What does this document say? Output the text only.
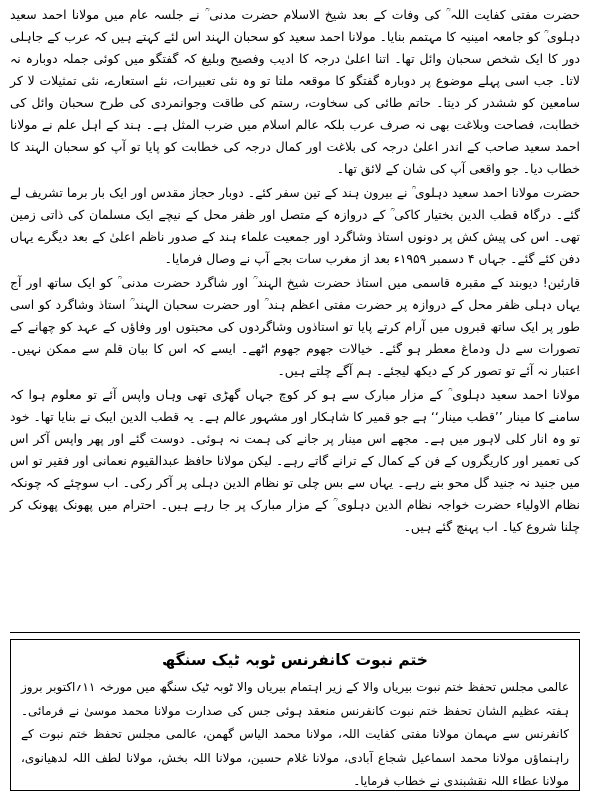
حضرت مفتی کفایت اللہ ؒ کی وفات کے بعد شیخ الاسلام حضرت مدنی ؒ نے جلسہ عام میں مولانا احمد سعید دہلوی ؒ کو جامعہ امینیہ کا مہتمم بنایا۔ مولانا احمد سعید کو سحبان الہند اس لئے کہتے ہیں کہ عرب کے جاہلی دور کا ایک شخص سحبان وائل تھا۔ اتنا اعلیٰ درجہ کا ادیب وفصیح وبلیغ کہ گفتگو میں کوئی جملہ دوبارہ نہ لاتا۔ جب اسی پہلے موضوع پر دوبارہ گفتگو کا موقعہ ملتا تو وہ نئی تعبیرات، نئے استعارے، نئی تمثیلات لا کر سامعین کو ششدر کر دیتا۔ حاتم طائی کی سخاوت، رستم کی طاقت وجوانمردی کی طرح سحبان وائل کی خطابت، فصاحت وبلاغت بھی نہ صرف عرب بلکہ عالم اسلام میں ضرب المثل ہے۔ ہند کے اہل علم نے مولانا احمد سعید صاحب کے اندر اعلیٰ درجہ کی بلاغت اور کمال درجہ کی خطابت کو پایا تو آپ کو سحبان الہند کا خطاب دیا۔ جو واقعی آپ کی شان کے لائق تھا۔

حضرت مولانا احمد سعید دہلوی ؒ نے بیرون ہند کے تین سفر کئے۔ دوبار حجاز مقدس اور ایک بار برما تشریف لے گئے۔ درگاہ قطب الدین بختیار کاکی ؒ کے دروازہ کے متصل اور ظفر محل کے نیچے ایک مسلمان کی ذاتی زمین تھی۔ اس کی پیش کش پر دونوں استاذ وشاگرد اور جمعیت علماء ہند کے صدور ناظم اعلیٰ کے بعد دیگرے یہاں دفن کئے گئے۔ جہاں ۴ دسمبر ۱۹۵۹ء بعد از مغرب سات بجے آپ نے وصال فرمایا۔

قارئین! دیوبند کے مقبرہ قاسمی میں استاذ حضرت شیخ الہند ؒ اور شاگرد حضرت مدنی ؒ کو ایک ساتھ اور آج یہاں دہلی ظفر محل کے دروازہ پر حضرت مفتی اعظم ہند ؒ اور حضرت سحبان الہند ؒ استاذ وشاگرد کو اسی طور پر ایک ساتھ قبروں میں آرام کرتے پایا تو استاذوں وشاگردوں کی محبتوں اور وفاؤں کے عہد کو چھانے کے تصورات سے دل ودماغ معطر ہو گئے۔ خیالات جھوم جھوم اٹھے۔ ایسے کہ اس کا بیان قلم سے ممکن نہیں۔ اعتبار نہ آئے تو تصور کر کے دیکھ لیجئے۔ ہم آگے چلتے ہیں۔

مولانا احمد سعید دہلوی ؒ کے مزار مبارک سے ہو کر کوچ جہاں گھڑی تھی وہاں واپس آئے تو معلوم ہوا کہ سامنے کا مینار ’’قطب مینار‘‘ ہے جو قمیر کا شاہکار اور مشہور عالم ہے۔ یہ قطب الدین ایبک نے بنایا تھا۔ خود تو وہ انار کلی لاہور میں ہے۔ مجھے اس مینار پر جانے کی ہمت نہ ہوئی۔ دوست گئے اور پھر واپس آکر اس کی تعمیر اور کاریگروں کے فن کے کمال کے ترانے گاتے رہے۔ لیکن مولانا حافظ عبدالقیوم نعمانی اور فقیر تو اس میں جنید نہ جنید گل محو بنے رہے۔ یہاں سے بس چلی تو نظام الدین دہلی پر آکر رکی۔ اب سوچئے کہ چونکہ نظام الاولیاء حضرت خواجہ نظام الدین دہلوی ؒ کے مزار مبارک پر جا رہے ہیں۔ احترام میں پھونک پھونک کر چلنا شروع کیا۔ اب پہنچ گئے ہیں۔

ختم نبوت کانفرنس ٹوبہ ٹیک سنگھ

عالمی مجلس تحفظ ختم نبوت بیریاں والا کے زیر اہتمام بیریاں والا ٹوبہ ٹیک سنگھ میں مورخہ ۱۱؍اکتوبر بروز ہفتہ عظیم الشان تحفظ ختم نبوت کانفرنس منعقد ہوئی جس کی صدارت مولانا محمد موسیٰ نے فرمائی۔ کانفرنس سے مہمان مولانا مفتی کفایت اللہ، مولانا محمد الیاس گھمن، عالمی مجلس تحفظ ختم نبوت کے راہنماؤں مولانا محمد اسماعیل شجاع آبادی، مولانا غلام حسین، مولانا اللہ بخش، مولانا لطف اللہ لدھیانوی، مولانا عطاء اللہ نقشبندی نے خطاب فرمایا۔
